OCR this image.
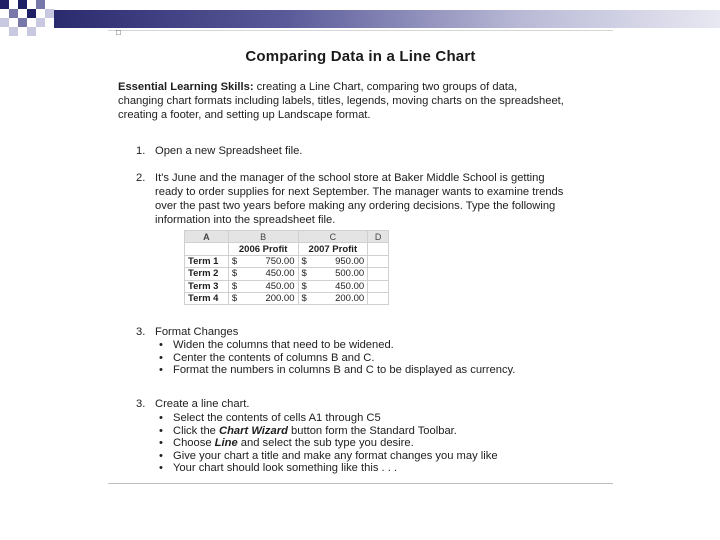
□
Comparing Data in a Line Chart
Essential Learning Skills: creating a Line Chart, comparing two groups of data,
changing chart formats including labels, titles, legends, moving charts on the spreadsheet,
creating a footer, and setting up Landscape format.
1. Open a new Spreadsheet file.
2. It's June and the manager of the school store at Baker Middle School is getting
ready to order supplies for next September. The manager wants to examine trends
over the past two years before making any ordering decisions. Type the following
information into the spreadsheet file.
A	B	C	D
	2006 Profit	2007 Profit	
Term 1	$ 750.00	$ 950.00	

Term 2	$ 450.00	$ 500.00	

Term 3	$ 450.00	$ 450.00	

Term 4	$ 200.00	$ 200.00	

3. Format Changes
• Widen the columns that need to be widened.
• Center the contents of columns B and C.
• Format the numbers in columns B and C to be displayed as currency.
3. Create a line chart.
• Select the contents of cells A1 through C5
• Click the Chart Wizard button form the Standard Toolbar.
• Choose Line and select the sub type you desire.
• Give your chart a title and make any format changes you may like
• Your chart should look something like this . . .
